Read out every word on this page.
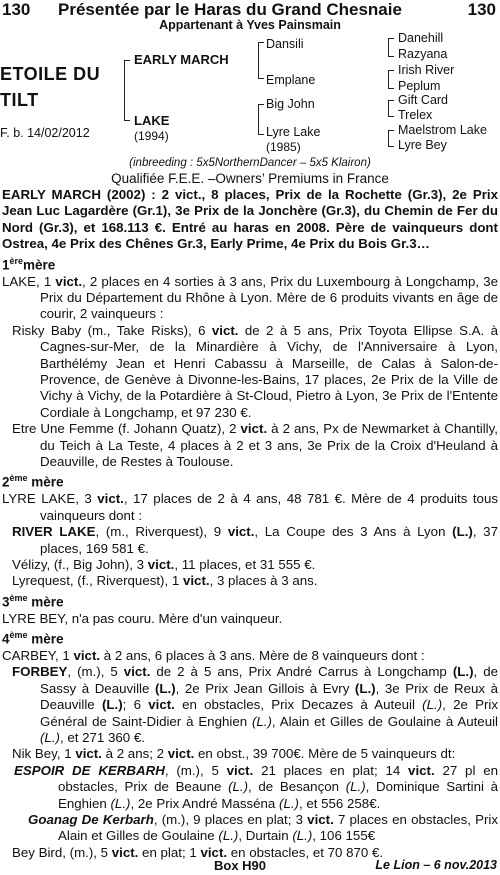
130 Présentée par le Haras du Grand Chesnaie	130
Appartenant à Yves Painsmain
ETOILE DU
TILT
F. b. 14/02/2012
EARLY MARCH
LAKE
(1994)
Dansili
Emplane
Big John
Lyre Lake
(1985)
Danehill
Razyana
Irish River
Peplum
Gift Card
Trelex
Maelstrom Lake
Lyre Bey
(inbreeding : 5x5NorthernDancer – 5x5 Klairon)
Qualifiée F.E.E. –Owners’ Premiums in France
EARLY MARCH (2002) : 2 vict., 8 places, Prix de la Rochette (Gr.3), 2e Prix Jean Luc Lagardère (Gr.1), 3e Prix de la Jonchère (Gr.3), du Chemin de Fer du Nord (Gr.3), et 168.113 €. Entré au haras en 2008. Père de vainqueurs dont Ostrea, 4e Prix des Chênes Gr.3, Early Prime, 4e Prix du Bois Gr.3…
1èremère
LAKE, 1 vict., 2 places en 4 sorties à 3 ans, Prix du Luxembourg à Longchamp, 3e Prix du Département du Rhône à Lyon. Mère de 6 produits vivants en âge de courir, 2 vainqueurs :
Risky Baby (m., Take Risks), 6 vict. de 2 à 5 ans, Prix Toyota Ellipse S.A. à Cagnes-sur-Mer, de la Minardière à Vichy, de l'Anniversaire à Lyon, Barthélémy Jean et Henri Cabassu à Marseille, de Calas à Salon-de-Provence, de Genève à Divonne-les-Bains, 17 places, 2e Prix de la Ville de Vichy à Vichy, de la Potardière à St-Cloud, Pietro à Lyon, 3e Prix de l'Entente Cordiale à Longchamp, et 97 230 €.
Etre Une Femme (f. Johann Quatz), 2 vict. à 2 ans, Px de Newmarket à Chantilly, du Teich à La Teste, 4 places à 2 et 3 ans, 3e Prix de la Croix d'Heuland à Deauville, de Restes à Toulouse.
2ème mère
LYRE LAKE, 3 vict., 17 places de 2 à 4 ans, 48 781 €. Mère de 4 produits tous vainqueurs dont :
RIVER LAKE, (m., Riverquest), 9 vict., La Coupe des 3 Ans à Lyon (L.), 37 places, 169 581 €.
Vélizy, (f., Big John), 3 vict., 11 places, et 31 555 €.
Lyrequest, (f., Riverquest), 1 vict., 3 places à 3 ans.
3ème mère
LYRE BEY, n'a pas couru. Mère d'un vainqueur.
4ème mère
CARBEY, 1 vict. à 2 ans, 6 places à 3 ans. Mère de 8 vainqueurs dont :
FORBEY, (m.), 5 vict. de 2 à 5 ans, Prix André Carrus à Longchamp (L.), de Sassy à Deauville (L.), 2e Prix Jean Gillois à Evry (L.), 3e Prix de Reux à Deauville (L.); 6 vict. en obstacles, Prix Decazes à Auteuil (L.), 2e Prix Général de Saint-Didier à Enghien (L.), Alain et Gilles de Goulaine à Auteuil (L.), et 271 360 €.
Nik Bey, 1 vict. à 2 ans; 2 vict. en obst., 39 700€. Mère de 5 vainqueurs dt:
ESPOIR DE KERBARH, (m.), 5 vict. 21 places en plat; 14 vict. 27 pl en obstacles, Prix de Beaune (L.), de Besançon (L.), Dominique Sartini à Enghien (L.), 2e Prix André Masséna (L.), et 556 258€.
Goanag De Kerbarh, (m.), 9 places en plat; 3 vict. 7 places en obstacles, Prix Alain et Gilles de Goulaine (L.), Durtain (L.), 106 155€
Bey Bird, (m.), 5 vict. en plat; 1 vict. en obstacles, et 70 870 €.
Box H90	Le Lion – 6 nov.2013
